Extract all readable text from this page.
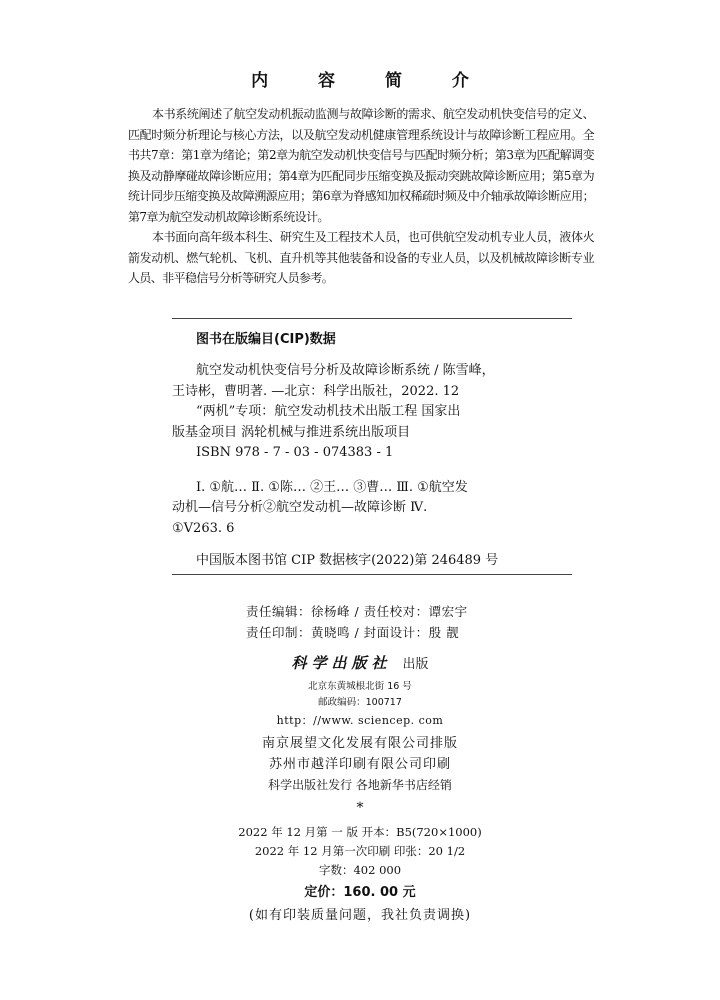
内 容 简 介

本书系统阐述了航空发动机振动监测与故障诊断的需求、航空发动机快变信号的定义、匹配时频分析理论与核心方法，以及航空发动机健康管理系统设计与故障诊断工程应用。全书共7章：第1章为绪论；第2章为航空发动机快变信号与匹配时频分析；第3章为匹配解调变换及动静摩碰故障诊断应用；第4章为匹配同步压缩变换及振动突跳故障诊断应用；第5章为统计同步压缩变换及故障溯源应用；第6章为脊感知加权稀疏时频及中介轴承故障诊断应用；第7章为航空发动机故障诊断系统设计。

本书面向高年级本科生、研究生及工程技术人员，也可供航空发动机专业人员，液体火箭发动机、燃气轮机、飞机、直升机等其他装备和设备的专业人员，以及机械故障诊断专业人员、非平稳信号分析等研究人员参考。

图书在版编目(CIP)数据

航空发动机快变信号分析及故障诊断系统 / 陈雪峰，

王诗彬，曹明著. —北京：科学出版社，2022. 12

“两机”专项：航空发动机技术出版工程 国家出

版基金项目 涡轮机械与推进系统出版项目

ISBN 978 - 7 - 03 - 074383 - 1

Ⅰ. ①航… Ⅱ. ①陈… ②王… ③曹… Ⅲ. ①航空发

动机—信号分析②航空发动机—故障诊断 Ⅳ.

①V263. 6

中国版本图书馆 CIP 数据核字(2022)第 246489 号

责任编辑：徐杨峰 / 责任校对：谭宏宇

责任印制：黄晓鸣 / 封面设计：殷 靓

科学出版社 出版

北京东黄城根北街 16 号

邮政编码：100717

http：//www. sciencep. com

南京展望文化发展有限公司排版

苏州市越洋印刷有限公司印刷

科学出版社发行 各地新华书店经销

*

2022 年 12 月第 一 版 开本：B5(720×1000)

2022 年 12 月第一次印刷 印张：20 1/2

字数：402 000

定价：160. 00 元

(如有印装质量问题，我社负责调换)
